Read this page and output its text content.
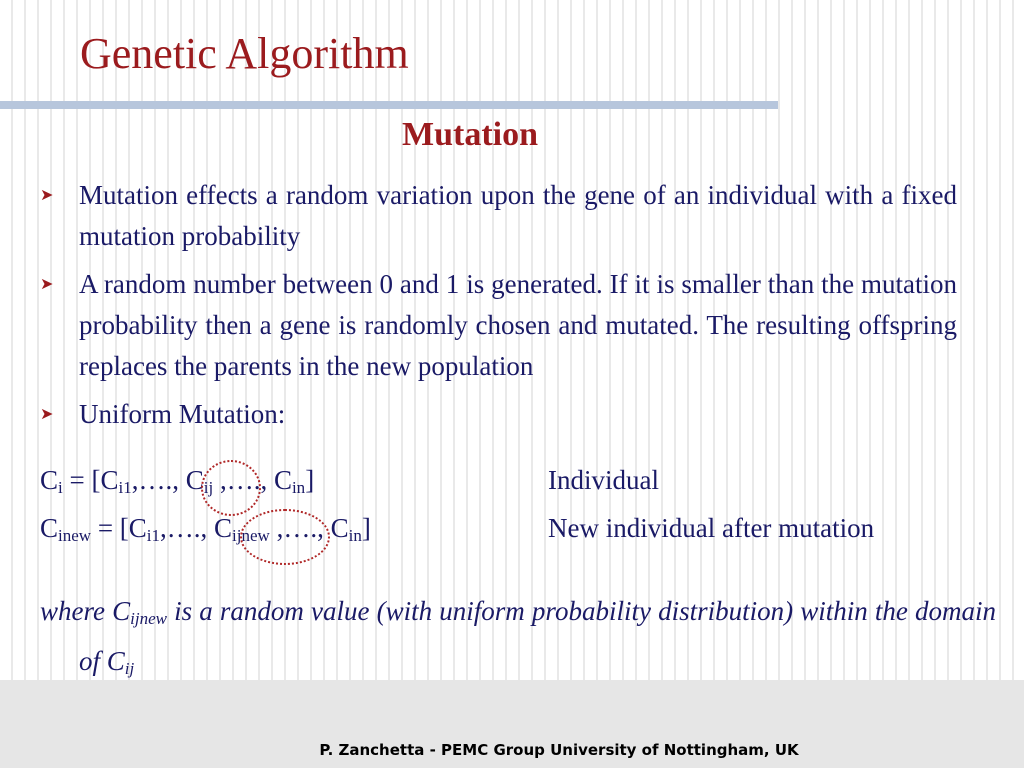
Genetic Algorithm
Mutation
➤ Mutation effects a random variation upon the gene of an individual with a fixed mutation probability
➤ A random number between 0 and 1 is generated. If it is smaller than the mutation probability then a gene is randomly chosen and mutated. The resulting offspring replaces the parents in the new population
➤ Uniform Mutation:
$C_i$ = [$C_{i1},\dots$., $C_{ij}$ ,…., $C_{in}$]	Individual
$C_{inew}$ = [$C_{i1},\dots$., $C_{ijnew}$ ,…., $C_{in}$]	New individual after mutation
where $C_{ijnew}$ is a random value (with uniform probability distribution) within the domain of $C_{ij}$
P. Zanchetta - PEMC Group University of Nottingham, UK
